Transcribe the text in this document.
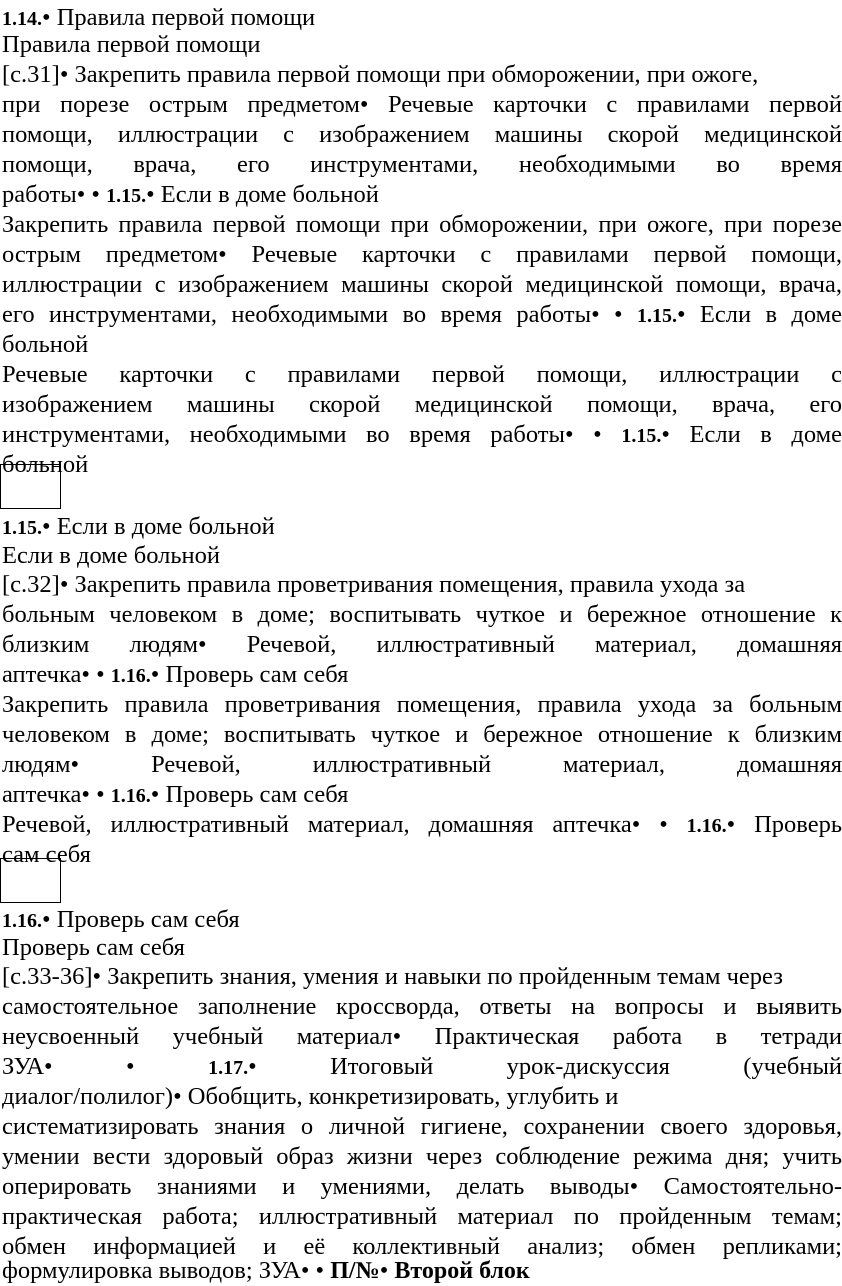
1.14.• Правила первой помощи
Правила первой помощи
[с.31]• Закрепить правила первой помощи при обморожении, при ожоге,
при порезе острым предметом• Речевые карточки с правилами первой
помощи, иллюстрации с изображением машины скорой медицинской
помощи, врача, его инструментами, необходимыми во время
работы• • 1.15.• Если в доме больной
Закрепить правила первой помощи при обморожении, при ожоге, при порезе
острым предметом• Речевые карточки с правилами первой помощи,
иллюстрации с изображением машины скорой медицинской помощи, врача,
его инструментами, необходимыми во время работы• • 1.15.• Если в доме
больной
Речевые карточки с правилами первой помощи, иллюстрации с
изображением машины скорой медицинской помощи, врача, его
инструментами, необходимыми во время работы• • 1.15.• Если в доме
больной
1.15.• Если в доме больной
Если в доме больной
[с.32]• Закрепить правила проветривания помещения, правила ухода за
больным человеком в доме; воспитывать чуткое и бережное отношение к
близким людям• Речевой, иллюстративный материал, домашняя
аптечка• • 1.16.• Проверь сам себя
Закрепить правила проветривания помещения, правила ухода за больным
человеком в доме; воспитывать чуткое и бережное отношение к близким
людям•	Речевой, иллюстративный материал, домашняя
аптечка• • 1.16.• Проверь сам себя
Речевой, иллюстративный материал, домашняя аптечка• • 1.16.• Проверь
сам себя
1.16.• Проверь сам себя
Проверь сам себя
[с.33-36]• Закрепить знания, умения и навыки по пройденным темам через
самостоятельное заполнение кроссворда, ответы на вопросы и выявить
неусвоенный учебный материал• Практическая работа в тетради
ЗУА•	•	1.17.•	Итоговый урок-дискуссия (учебный
диалог/полилог)• Обобщить, конкретизировать, углубить и
систематизировать знания о личной гигиене, сохранении своего здоровья,
умении вести здоровый образ жизни через соблюдение режима дня; учить
оперировать знаниями и умениями, делать выводы• Самостоятельно-
практическая работа; иллюстративный материал по пройденным темам;
обмен информацией и её коллективный анализ; обмен репликами;
формулировка выводов; ЗУА• • П/№• Второй блок
